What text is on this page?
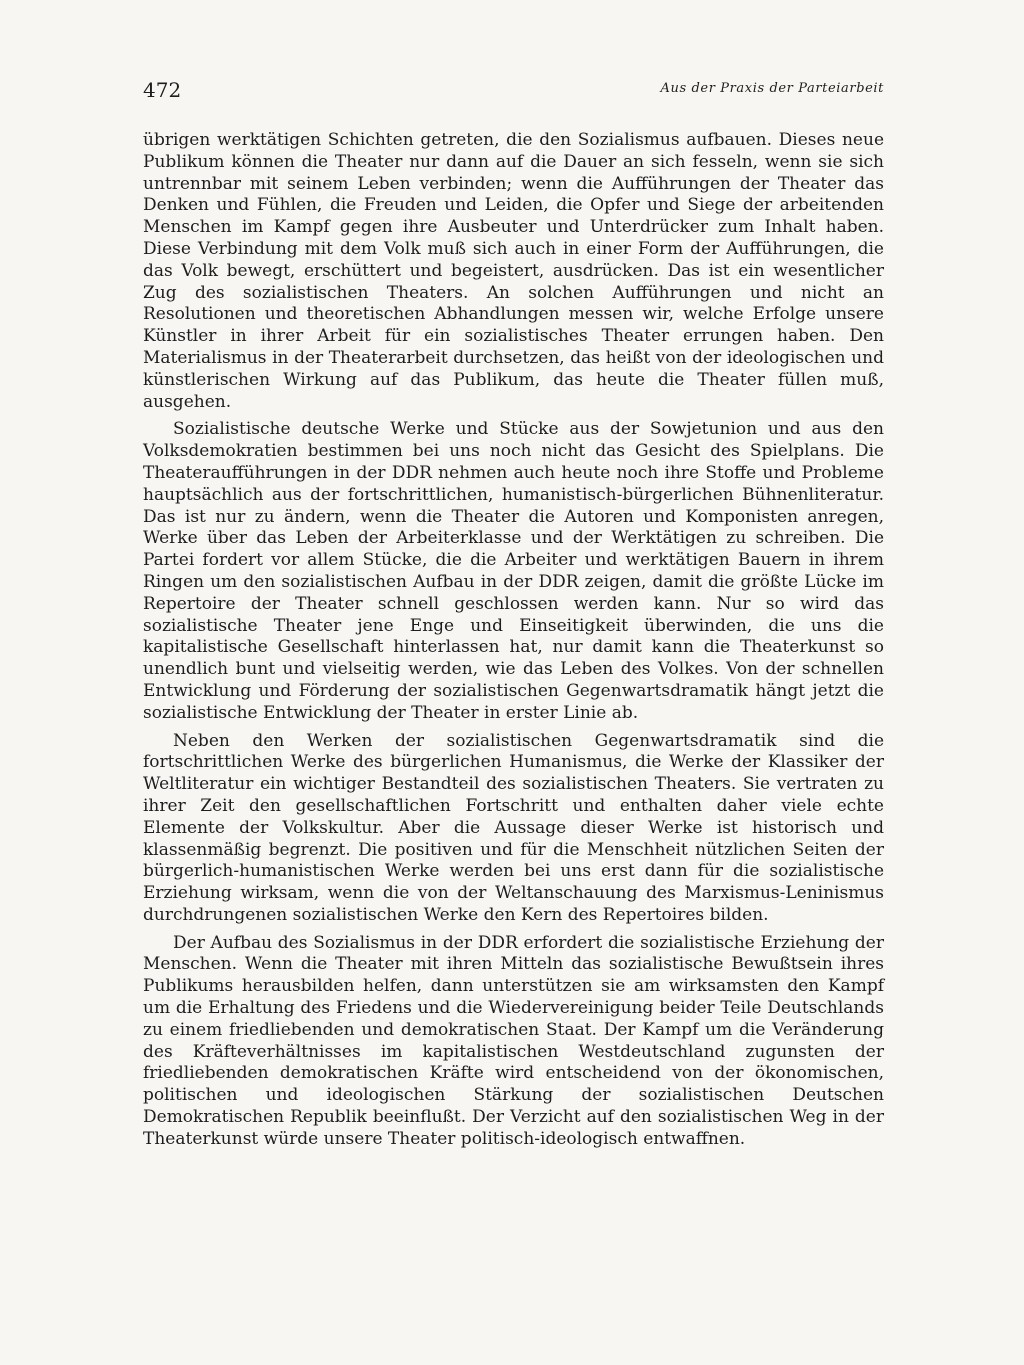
472	Aus der Praxis der Parteiarbeit

übrigen werktätigen Schichten getreten, die den Sozialismus aufbauen. Dieses neue Publikum können die Theater nur dann auf die Dauer an sich fesseln, wenn sie sich untrennbar mit seinem Leben verbinden; wenn die Aufführungen der Theater das Denken und Fühlen, die Freuden und Leiden, die Opfer und Siege der arbeitenden Menschen im Kampf gegen ihre Ausbeuter und Unterdrücker zum Inhalt haben. Diese Verbindung mit dem Volk muß sich auch in einer Form der Aufführungen, die das Volk bewegt, erschüttert und begeistert, ausdrücken. Das ist ein wesentlicher Zug des sozialistischen Theaters. An solchen Aufführungen und nicht an Resolutionen und theoretischen Abhandlungen messen wir, welche Erfolge unsere Künstler in ihrer Arbeit für ein sozialistisches Theater errungen haben. Den Materialismus in der Theaterarbeit durchsetzen, das heißt von der ideologischen und künstlerischen Wirkung auf das Publikum, das heute die Theater füllen muß, ausgehen.

Sozialistische deutsche Werke und Stücke aus der Sowjetunion und aus den Volksdemokratien bestimmen bei uns noch nicht das Gesicht des Spielplans. Die Theateraufführungen in der DDR nehmen auch heute noch ihre Stoffe und Probleme hauptsächlich aus der fortschrittlichen, humanistisch-bürgerlichen Bühnenliteratur. Das ist nur zu ändern, wenn die Theater die Autoren und Komponisten anregen, Werke über das Leben der Arbeiterklasse und der Werktätigen zu schreiben. Die Partei fordert vor allem Stücke, die die Arbeiter und werktätigen Bauern in ihrem Ringen um den sozialistischen Aufbau in der DDR zeigen, damit die größte Lücke im Repertoire der Theater schnell geschlossen werden kann. Nur so wird das sozialistische Theater jene Enge und Einseitigkeit überwinden, die uns die kapitalistische Gesellschaft hinterlassen hat, nur damit kann die Theaterkunst so unendlich bunt und vielseitig werden, wie das Leben des Volkes. Von der schnellen Entwicklung und Förderung der sozialistischen Gegenwartsdramatik hängt jetzt die sozialistische Entwicklung der Theater in erster Linie ab.

Neben den Werken der sozialistischen Gegenwartsdramatik sind die fortschrittlichen Werke des bürgerlichen Humanismus, die Werke der Klassiker der Weltliteratur ein wichtiger Bestandteil des sozialistischen Theaters. Sie vertraten zu ihrer Zeit den gesellschaftlichen Fortschritt und enthalten daher viele echte Elemente der Volkskultur. Aber die Aussage dieser Werke ist historisch und klassenmäßig begrenzt. Die positiven und für die Menschheit nützlichen Seiten der bürgerlich-humanistischen Werke werden bei uns erst dann für die sozialistische Erziehung wirksam, wenn die von der Weltanschauung des Marxismus-Leninismus durchdrungenen sozialistischen Werke den Kern des Repertoires bilden.

Der Aufbau des Sozialismus in der DDR erfordert die sozialistische Erziehung der Menschen. Wenn die Theater mit ihren Mitteln das sozialistische Bewußtsein ihres Publikums herausbilden helfen, dann unterstützen sie am wirksamsten den Kampf um die Erhaltung des Friedens und die Wiedervereinigung beider Teile Deutschlands zu einem friedliebenden und demokratischen Staat. Der Kampf um die Veränderung des Kräfteverhältnisses im kapitalistischen Westdeutschland zugunsten der friedliebenden demokratischen Kräfte wird entscheidend von der ökonomischen, politischen und ideologischen Stärkung der sozialistischen Deutschen Demokratischen Republik beeinflußt. Der Verzicht auf den sozialistischen Weg in der Theaterkunst würde unsere Theater politisch-ideologisch entwaffnen.
